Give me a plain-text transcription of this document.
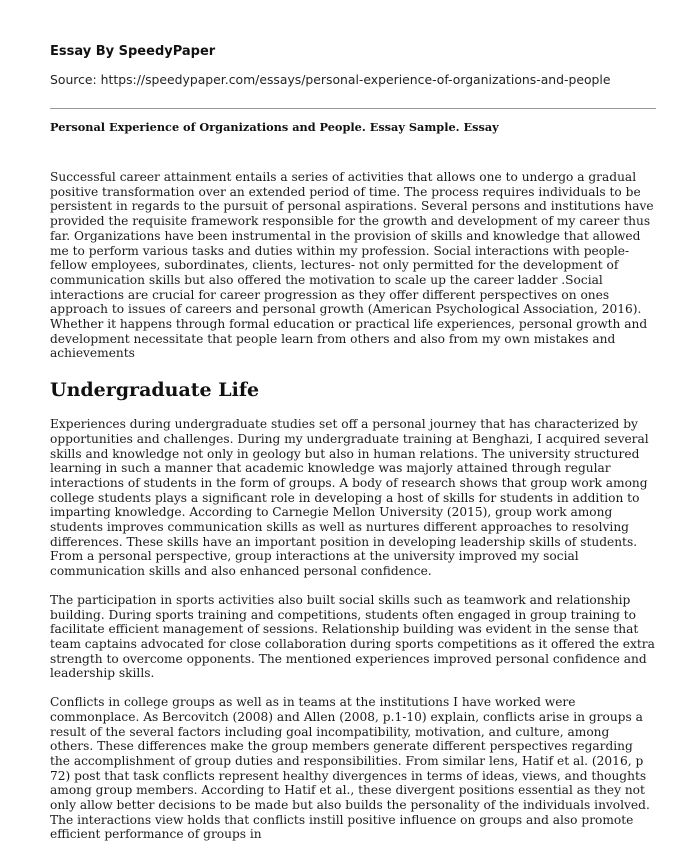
Essay By SpeedyPaper
Source: https://speedypaper.com/essays/personal-experience-of-organizations-and-people
Personal Experience of Organizations and People. Essay Sample. Essay

Successful career attainment entails a series of activities that allows one to undergo a gradual positive transformation over an extended period of time. The process requires individuals to be persistent in regards to the pursuit of personal aspirations. Several persons and institutions have provided the requisite framework responsible for the growth and development of my career thus far. Organizations have been instrumental in the provision of skills and knowledge that allowed me to perform various tasks and duties within my profession. Social interactions with people-fellow employees, subordinates, clients, lectures- not only permitted for the development of communication skills but also offered the motivation to scale up the career ladder .Social interactions are crucial for career progression as they offer different perspectives on ones approach to issues of careers and personal growth (American Psychological Association, 2016). Whether it happens through formal education or practical life experiences, personal growth and development necessitate that people learn from others and also from my own mistakes and achievements

Undergraduate Life

Experiences during undergraduate studies set off a personal journey that has characterized by opportunities and challenges. During my undergraduate training at Benghazi, I acquired several skills and knowledge not only in geology but also in human relations. The university structured learning in such a manner that academic knowledge was majorly attained through regular interactions of students in the form of groups. A body of research shows that group work among college students plays a significant role in developing a host of skills for students in addition to imparting knowledge. According to Carnegie Mellon University (2015), group work among students improves communication skills as well as nurtures different approaches to resolving differences. These skills have an important position in developing leadership skills of students. From a personal perspective, group interactions at the university improved my social communication skills and also enhanced personal confidence.

The participation in sports activities also built social skills such as teamwork and relationship building. During sports training and competitions, students often engaged in group training to facilitate efficient management of sessions. Relationship building was evident in the sense that team captains advocated for close collaboration during sports competitions as it offered the extra strength to overcome opponents. The mentioned experiences improved personal confidence and leadership skills.

Conflicts in college groups as well as in teams at the institutions I have worked were commonplace. As Bercovitch (2008) and Allen (2008, p.1-10) explain, conflicts arise in groups a result of the several factors including goal incompatibility, motivation, and culture, among others. These differences make the group members generate different perspectives regarding the accomplishment of group duties and responsibilities. From similar lens, Hatif et al. (2016, p 72) post that task conflicts represent healthy divergences in terms of ideas, views, and thoughts among group members. According to Hatif et al., these divergent positions essential as they not only allow better decisions to be made but also builds the personality of the individuals involved. The interactions view holds that conflicts instill positive influence on groups and also promote efficient performance of groups in
